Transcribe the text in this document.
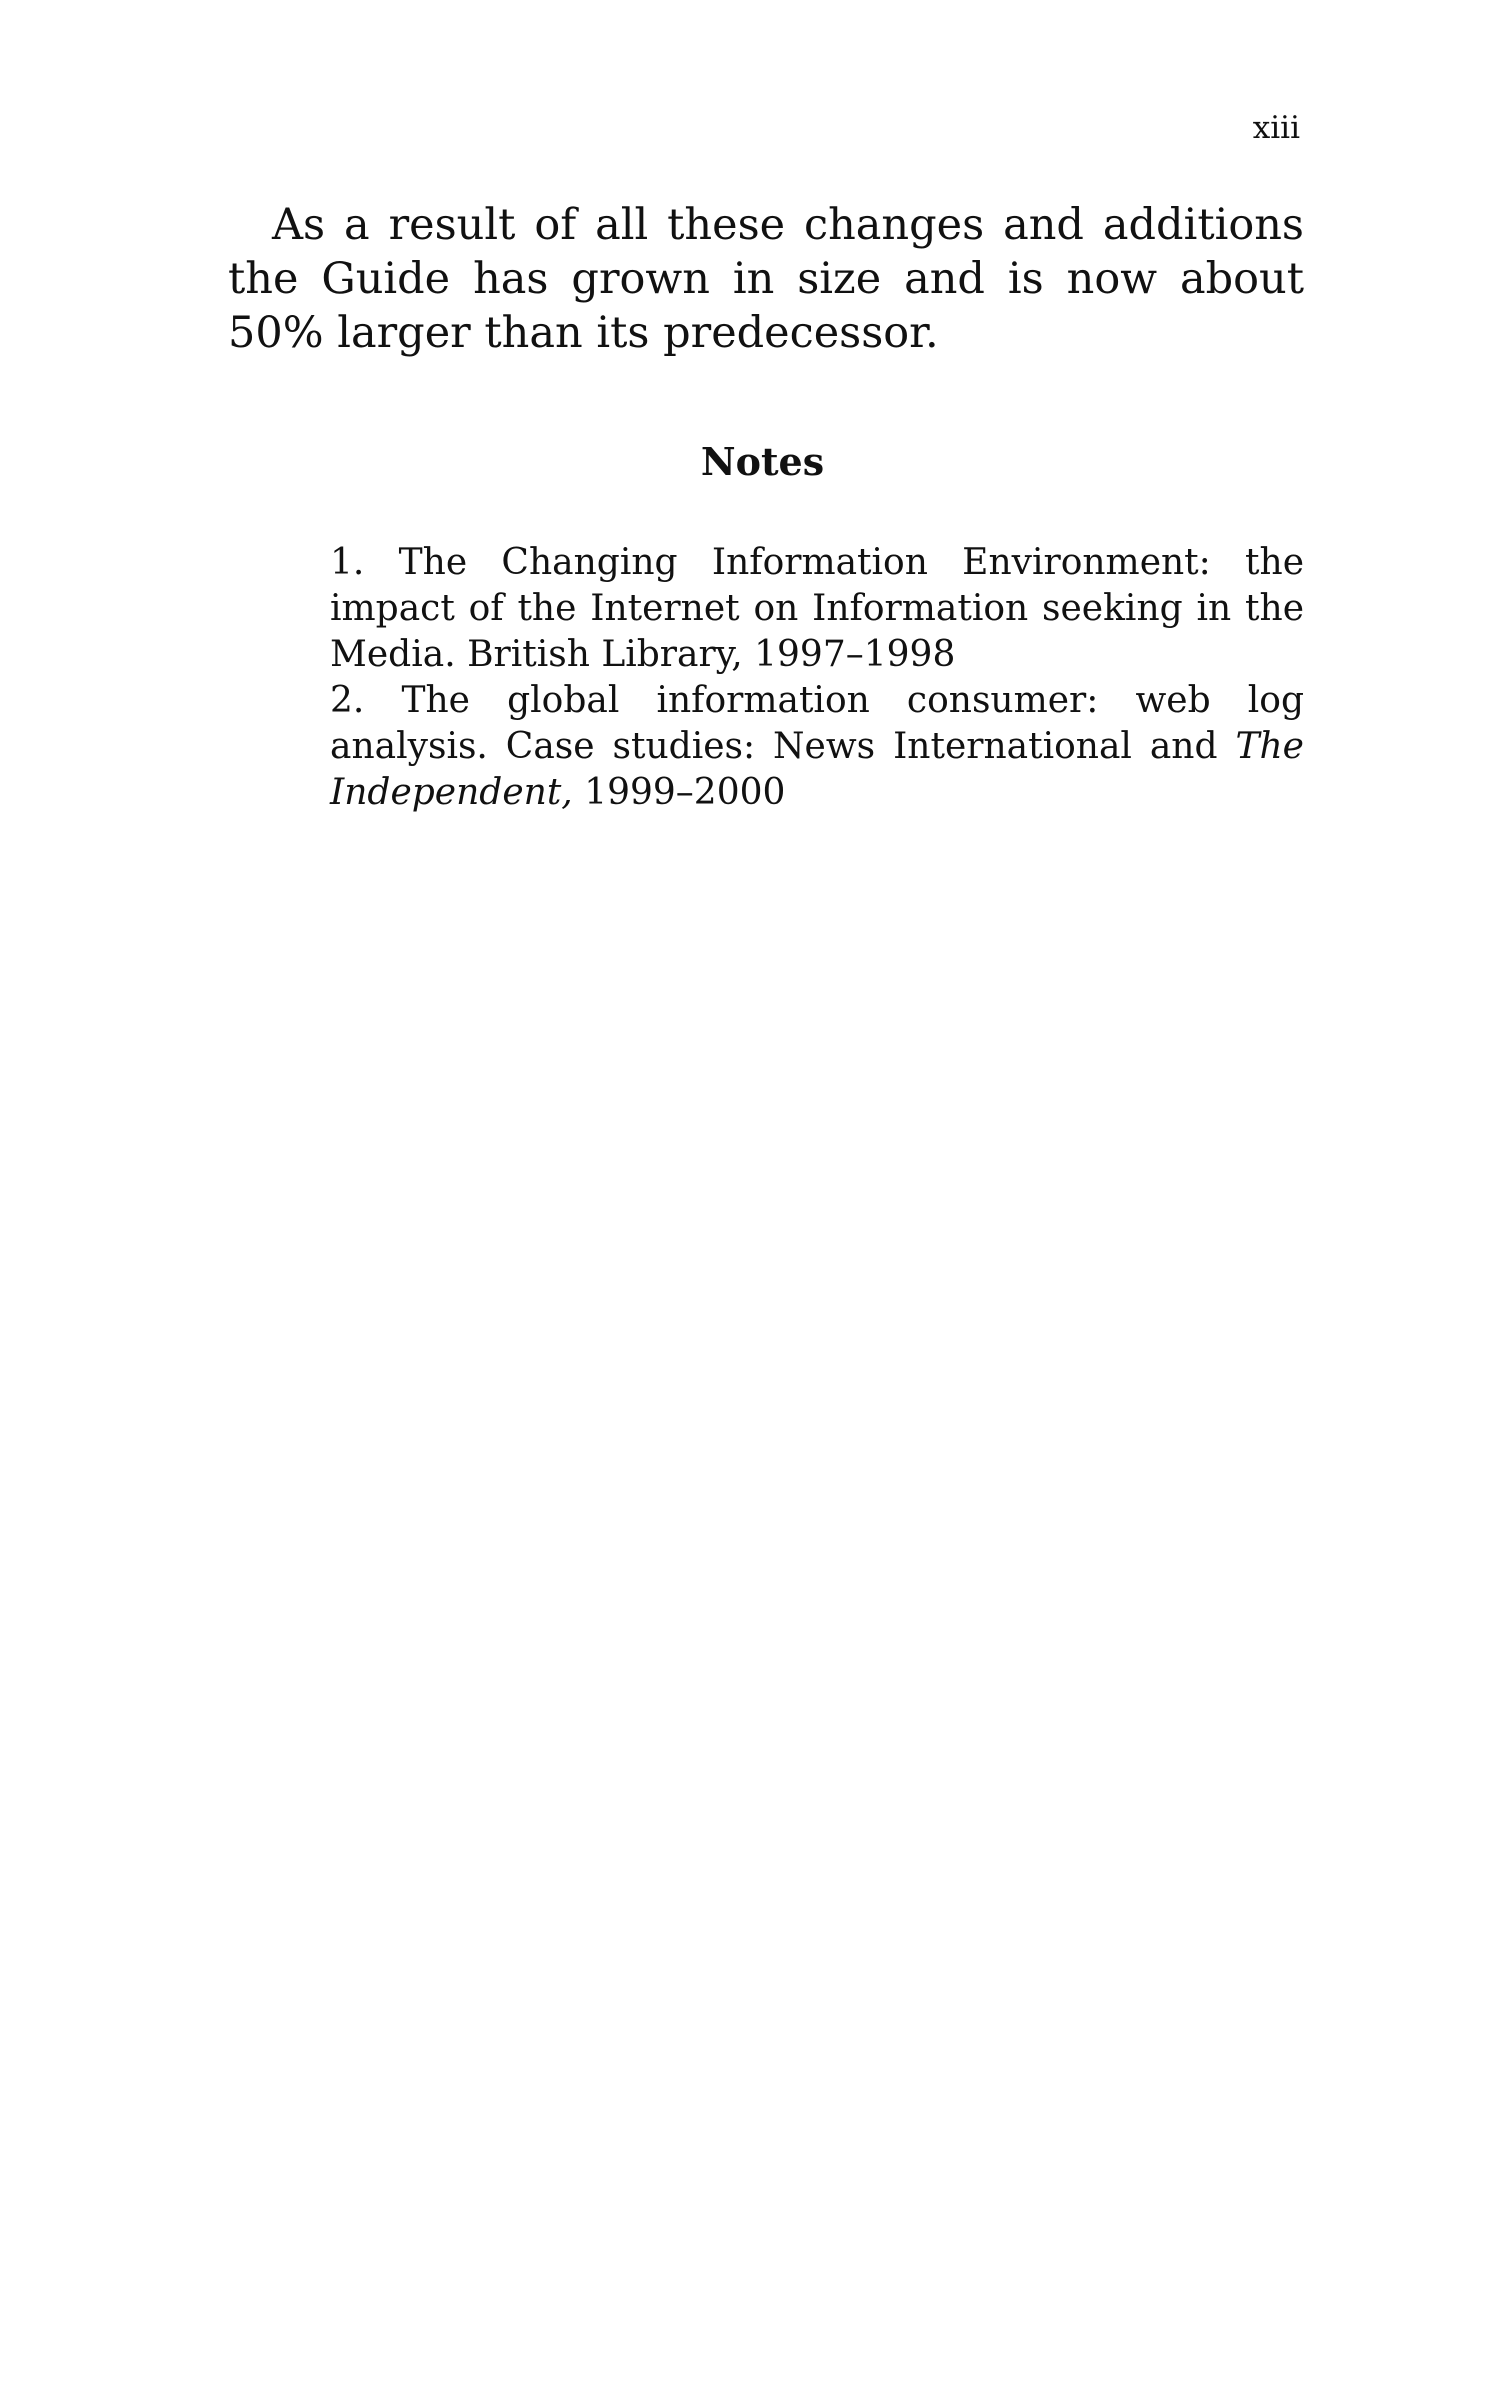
xiii

As a result of all these changes and additions the Guide has grown in size and is now about 50% larger than its predecessor.

Notes
1. The Changing Information Environment: the impact of the Internet on Information seeking in the Media. British Library, 1997–1998
2. The global information consumer: web log analysis. Case studies: News International and The Independent, 1999–2000
